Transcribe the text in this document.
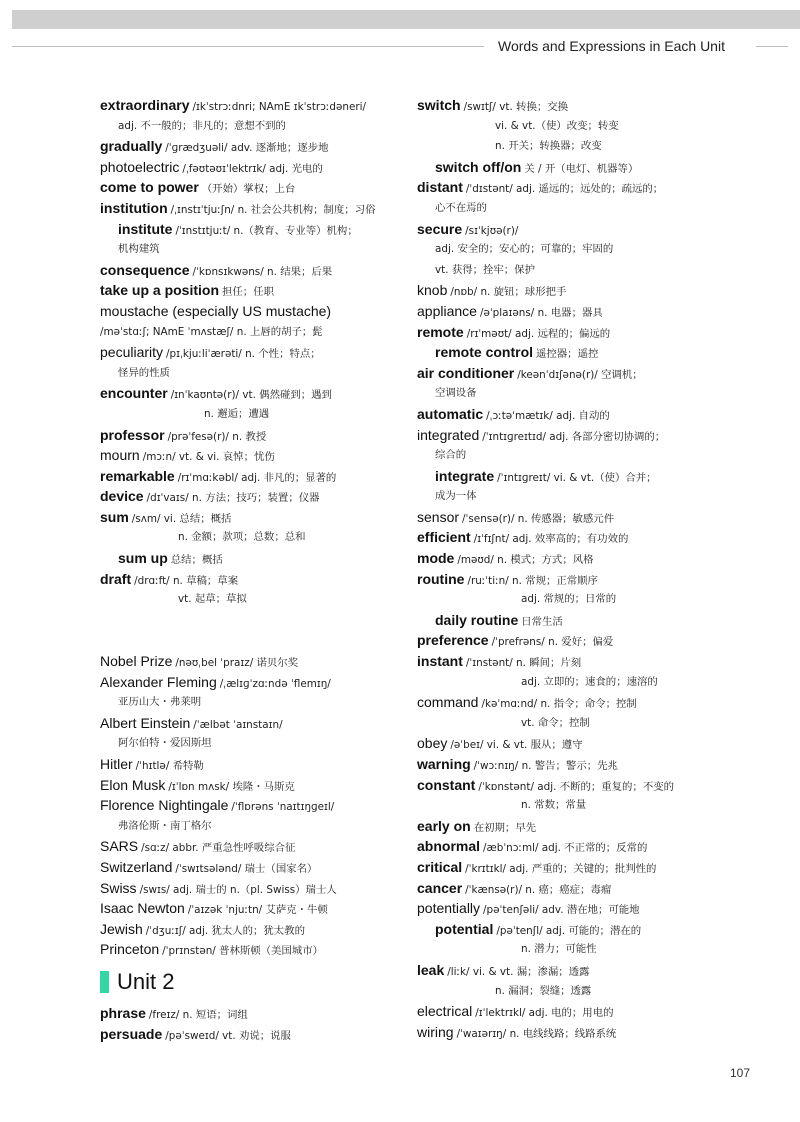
Words and Expressions in Each Unit
extraordinary /ɪkˈstrɔːdnri; NAmE ɪkˈstrɔːdəneri/
adj. 不一般的；非凡的；意想不到的
gradually /ˈɡrædʒuəli/ adv. 逐渐地；逐步地
photoelectric /ˌfəʊtəʊɪˈlektrɪk/ adj. 光电的
come to power （开始）掌权；上台
institution /ˌɪnstɪˈtjuːʃn/ n. 社会公共机构；制度；习俗
institute /ˈɪnstɪtjuːt/ n.（教育、专业等）机构；
机构建筑
consequence /ˈkɒnsɪkwəns/ n. 结果；后果
take up a position 担任；任职
moustache (especially US mustache)
/məˈstɑːʃ; NAmE ˈmʌstæʃ/ n. 上唇的胡子；髭
peculiarity /pɪˌkjuːliˈærəti/ n. 个性；特点；
怪异的性质
encounter /ɪnˈkaʊntə(r)/ vt. 偶然碰到；遇到
n. 邂逅；遭遇
professor /prəˈfesə(r)/ n. 教授
mourn /mɔːn/ vt. & vi. 哀悼；忧伤
remarkable /rɪˈmɑːkəbl/ adj. 非凡的；显著的
device /dɪˈvaɪs/ n. 方法；技巧；装置；仪器
sum /sʌm/ vi. 总结；概括
n. 金额；款项；总数；总和
sum up 总结；概括
draft /drɑːft/ n. 草稿；草案
vt. 起草；草拟
Nobel Prize /nəʊˌbel ˈpraɪz/ 诺贝尔奖
Alexander Fleming /ˌælɪɡˈzɑːndə ˈflemɪŋ/
亚历山大・弗莱明
Albert Einstein /ˈælbət ˈaɪnstaɪn/
阿尔伯特・爱因斯坦
Hitler /ˈhɪtlə/ 希特勒
Elon Musk /ɪˈlɒn mʌsk/ 埃隆・马斯克
Florence Nightingale /ˈflɒrəns ˈnaɪtɪŋɡeɪl/
弗洛伦斯・南丁格尔
SARS /sɑːz/ abbr. 严重急性呼吸综合征
Switzerland /ˈswɪtsələnd/ 瑞士（国家名）
Swiss /swɪs/ adj. 瑞士的 n.（pl. Swiss）瑞士人
Isaac Newton /ˈaɪzək ˈnjuːtn/ 艾萨克・牛顿
Jewish /ˈdʒuːɪʃ/ adj. 犹太人的；犹太教的
Princeton /ˈprɪnstən/ 普林斯顿（美国城市）
Unit 2
phrase /freɪz/ n. 短语；词组
persuade /pəˈsweɪd/ vt. 劝说；说服
switch /swɪtʃ/ vt. 转换；交换
vi. & vt.（使）改变；转变
n. 开关；转换器；改变
switch off/on 关 / 开（电灯、机器等）
distant /ˈdɪstənt/ adj. 遥远的；远处的；疏远的；
心不在焉的
secure /sɪˈkjʊə(r)/
adj. 安全的；安心的；可靠的；牢固的
vt. 获得；拴牢；保护
knob /nɒb/ n. 旋钮；球形把手
appliance /əˈplaɪəns/ n. 电器；器具
remote /rɪˈməʊt/ adj. 远程的；偏远的
remote control 遥控器；遥控
air conditioner /keənˈdɪʃənə(r)/ 空调机；
空调设备
automatic /ˌɔːtəˈmætɪk/ adj. 自动的
integrated /ˈɪntɪɡreɪtɪd/ adj. 各部分密切协调的；
综合的
integrate /ˈɪntɪɡreɪt/ vi. & vt.（使）合并；
成为一体
sensor /ˈsensə(r)/ n. 传感器；敏感元件
efficient /ɪˈfɪʃnt/ adj. 效率高的；有功效的
mode /məʊd/ n. 模式；方式；风格
routine /ruːˈtiːn/ n. 常规；正常顺序
adj. 常规的；日常的
daily routine 日常生活
preference /ˈprefrəns/ n. 爱好；偏爱
instant /ˈɪnstənt/ n. 瞬间；片刻
adj. 立即的；速食的；速溶的
command /kəˈmɑːnd/ n. 指令；命令；控制
vt. 命令；控制
obey /əˈbeɪ/ vi. & vt. 服从；遵守
warning /ˈwɔːnɪŋ/ n. 警告；警示；先兆
constant /ˈkɒnstənt/ adj. 不断的；重复的；不变的
n. 常数；常量
early on 在初期；早先
abnormal /æbˈnɔːml/ adj. 不正常的；反常的
critical /ˈkrɪtɪkl/ adj. 严重的；关键的；批判性的
cancer /ˈkænsə(r)/ n. 癌；癌症；毒瘤
potentially /pəˈtenʃəli/ adv. 潜在地；可能地
potential /pəˈtenʃl/ adj. 可能的；潜在的
n. 潜力；可能性
leak /liːk/ vi. & vt. 漏；渗漏；透露
n. 漏洞；裂缝；透露
electrical /ɪˈlektrɪkl/ adj. 电的；用电的
wiring /ˈwaɪərɪŋ/ n. 电线线路；线路系统
107
